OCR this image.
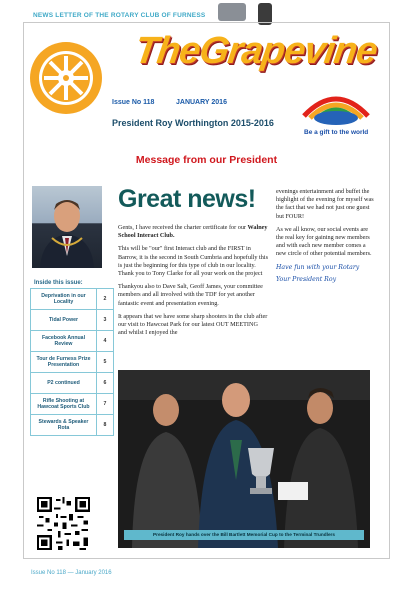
NEWS LETTER OF THE ROTARY CLUB OF FURNESS
TheGrapevine
Issue No 118	JANUARY 2016
President Roy Worthington 2015-2016
Be a gift to the world
Message from our President
Inside this issue:
Deprivation in our Locality	2
Tidal Power	3
Facebook Annual Review	4
Tour de Furness Prize Presentation	5
P2 continued	6
Rifle Shooting at Hawcoat Sports Club	7
Stewards & Speaker Rota	8
Great news!

Gents, I have received the charter certificate for our Walney School Interact Club.

This will be "our" first Interact club and the FIRST in Barrow, it is the second in South Cumbria and hopefully this is just the beginning for this type of club in our locality. Thank you to Tony Clarke for all your work on the project

Thankyou also to Dave Salt, Geoff James, your committee members and all involved with the TDF for yet another fantastic event and presentation evening.

It appears that we have some sharp shooters in the club after our visit to Hawcoat Park for our latest OUT MEETING and whilst I enjoyed the

evenings entertainment and buffet the highlight of the evening for myself was the fact that we had not just one guest but FOUR!

As we all know, our social events are the real key for gaining new members and with each new member comes a new circle of other potential members.

Have fun with your Rotary

Your President Roy

President Roy hands over the Bill Bartlett Memorial Cup to the Terminal Trundlers
Issue No 118 — January 2016
